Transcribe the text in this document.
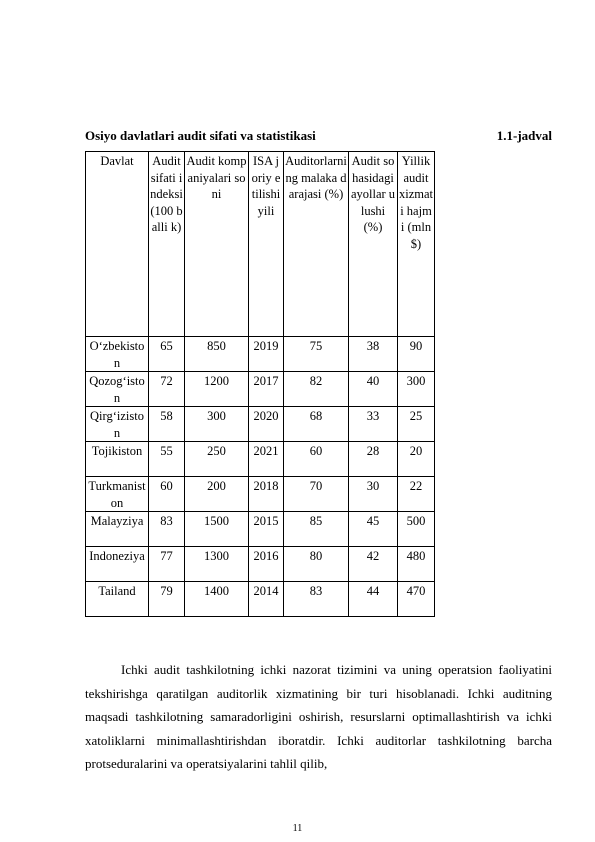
Osiyo davlatlari audit sifati va statistikasi	1.1-jadval
Davlat	Audit sifati indeksi (100 balli k)	Audit kompaniyalari soni	ISA joriy etilishi yili	Auditorlarning malaka darajasi (%)	Audit sohasidagi ayollar ulushi (%)	Yillik audit xizmati hajmi (mln $)
O‘zbekiston	65	850	2019	75	38	90
Qozog‘iston	72	1200	2017	82	40	300
Qirg‘iziston	58	300	2020	68	33	25
Tojikiston	55	250	2021	60	28	20
Turkmaniston	60	200	2018	70	30	22
Malayziya	83	1500	2015	85	45	500
Indoneziya	77	1300	2016	80	42	480
Tailand	79	1400	2014	83	44	470

Ichki audit tashkilotning ichki nazorat tizimini va uning operatsion faoliyatini tekshirishga qaratilgan auditorlik xizmatining bir turi hisoblanadi. Ichki auditning maqsadi tashkilotning samaradorligini oshirish, resurslarni optimallashtirish va ichki xatoliklarni minimallashtirishdan iboratdir. Ichki auditorlar tashkilotning barcha protseduralarini va operatsiyalarini tahlil qilib,

11
